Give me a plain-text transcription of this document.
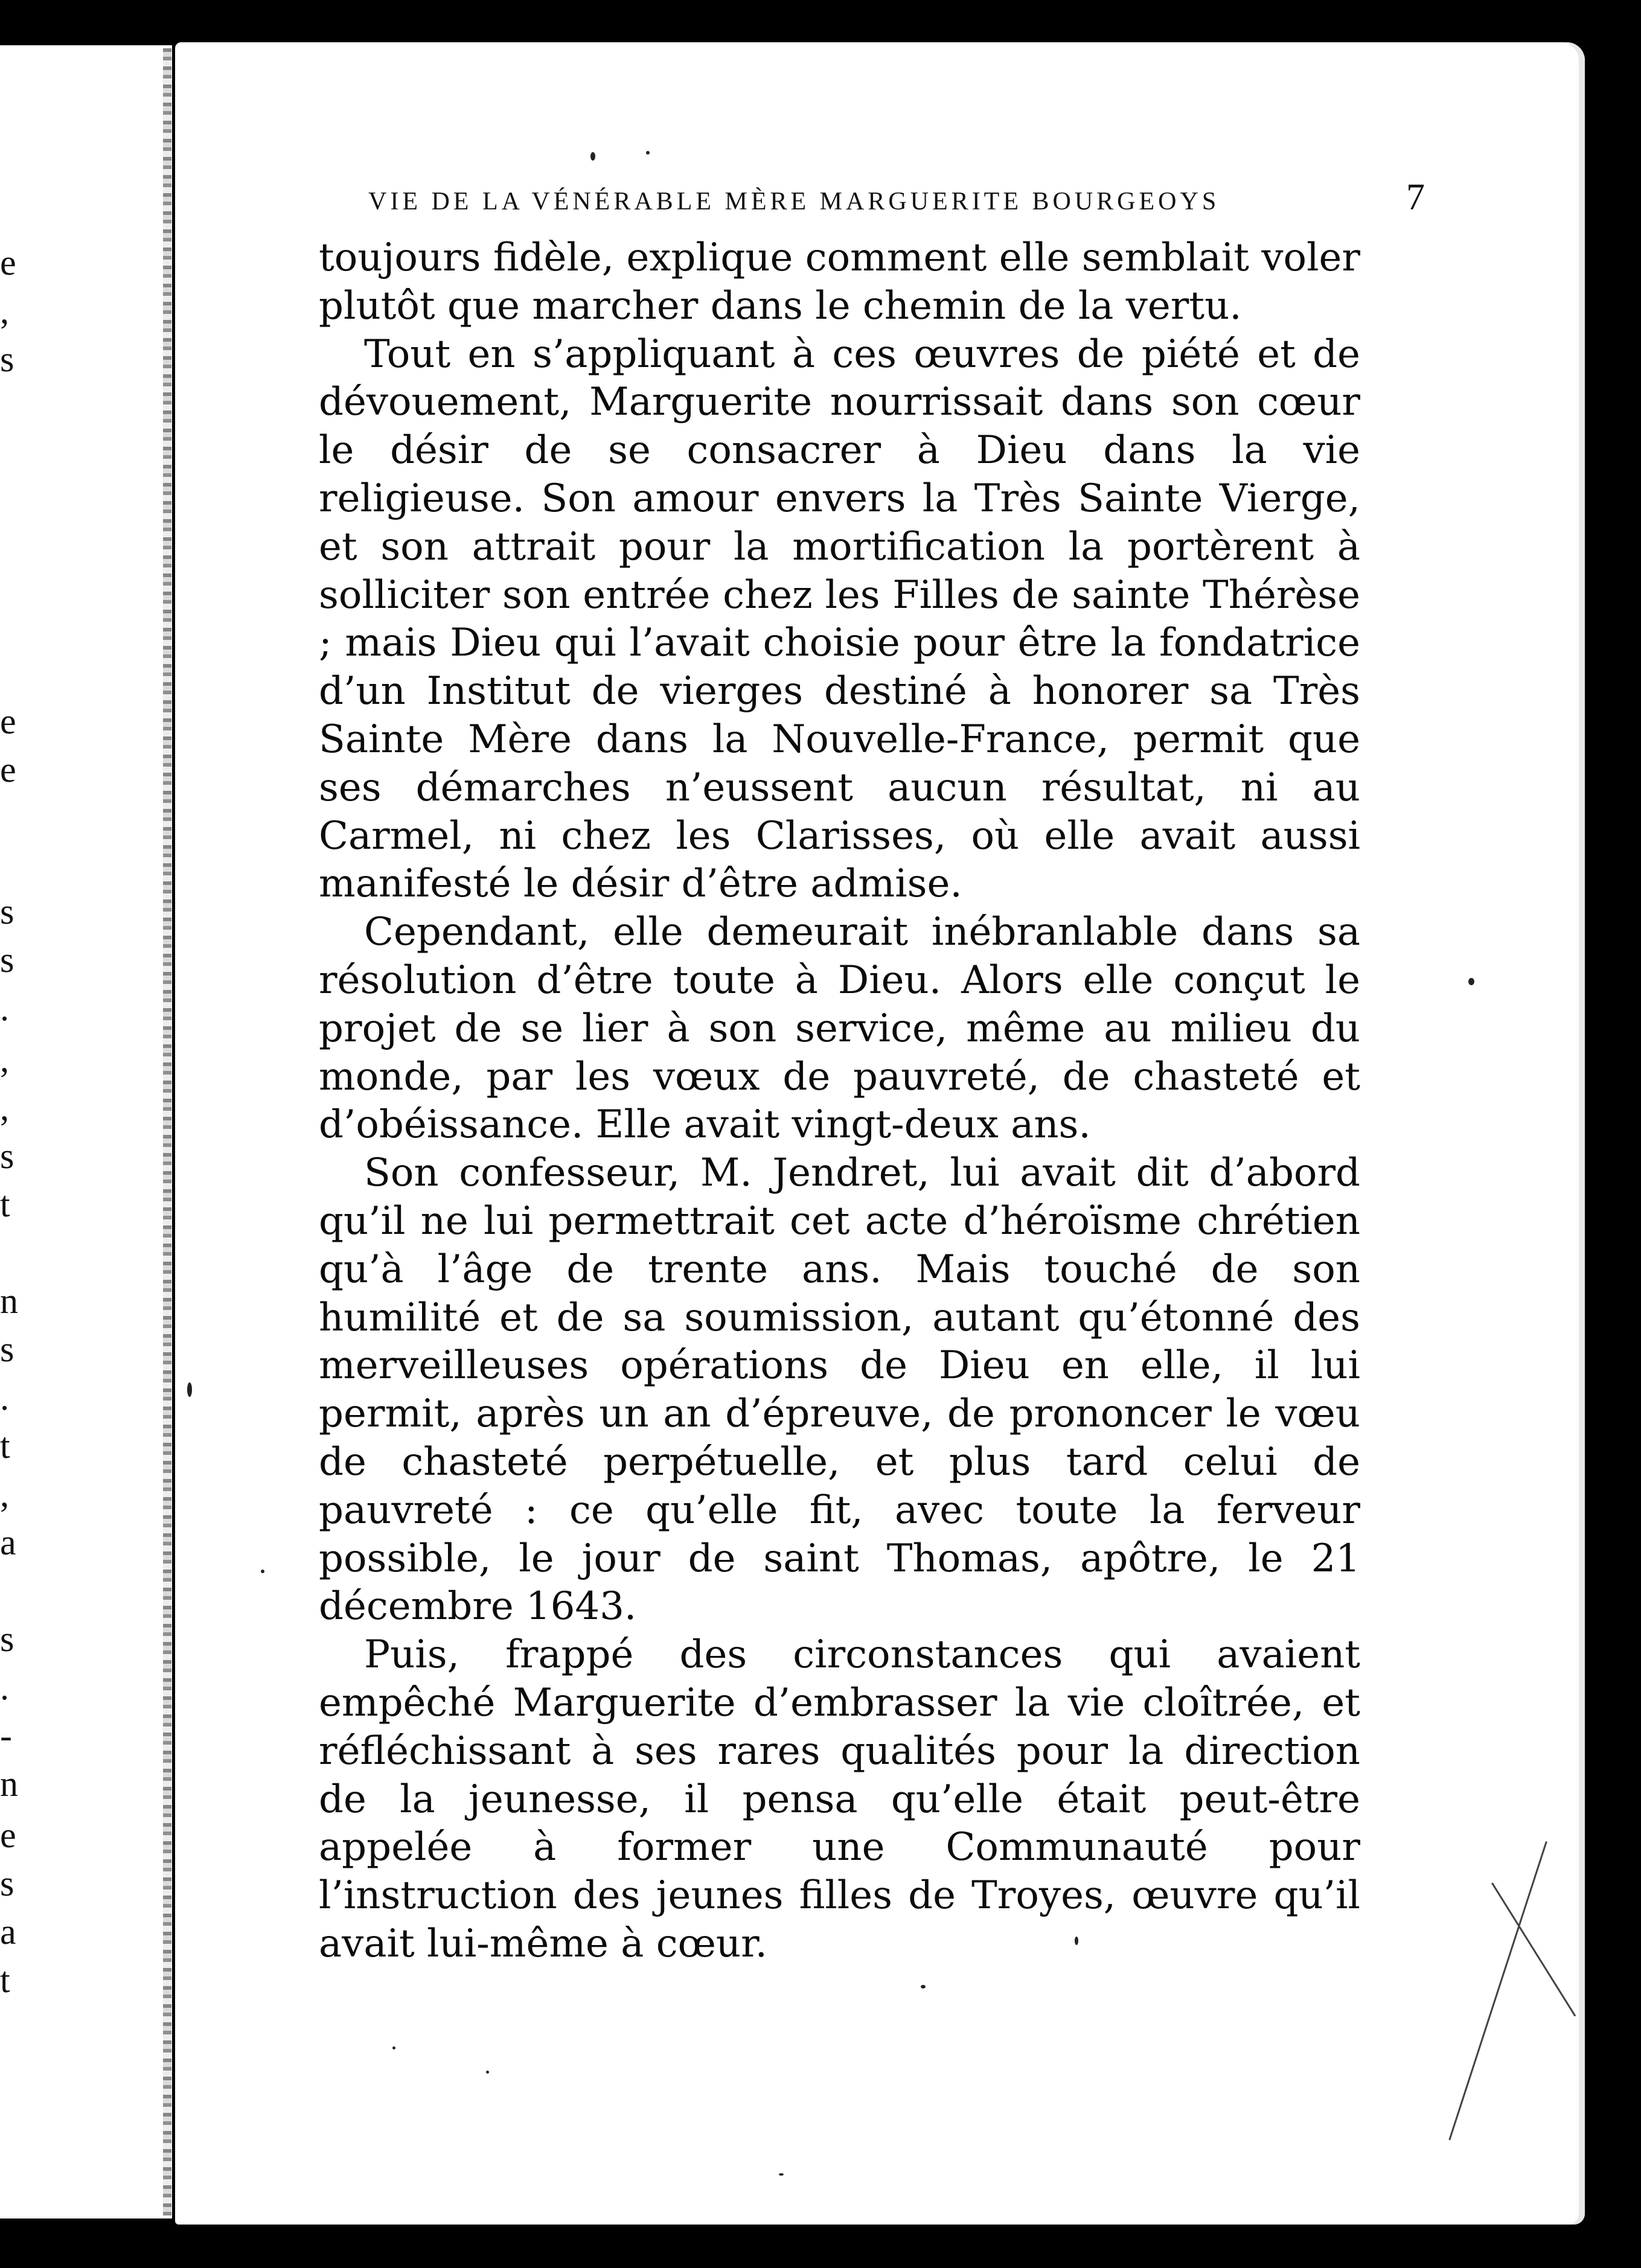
e
,
s
e
e
s
s
.
,
,
s
t
n
s
.
t
,
a
s
.
-
n
e
s
a
t
VIE DE LA VÉNÉRABLE MÈRE MARGUERITE BOURGEOYS	7

toujours fidèle, explique comment elle semblait voler plutôt que marcher dans le chemin de la vertu.

Tout en s’appliquant à ces œuvres de piété et de dévouement, Marguerite nourrissait dans son cœur le désir de se consacrer à Dieu dans la vie religieuse. Son amour envers la Très Sainte Vierge, et son attrait pour la mortification la portèrent à solliciter son entrée chez les Filles de sainte Thérèse ; mais Dieu qui l’avait choisie pour être la fondatrice d’un Institut de vierges destiné à honorer sa Très Sainte Mère dans la Nouvelle-France, permit que ses démarches n’eussent aucun résultat, ni au Carmel, ni chez les Clarisses, où elle avait aussi manifesté le désir d’être admise.

Cependant, elle demeurait inébranlable dans sa résolution d’être toute à Dieu. Alors elle conçut le projet de se lier à son service, même au milieu du monde, par les vœux de pauvreté, de chasteté et d’obéissance. Elle avait vingt-deux ans.

Son confesseur, M. Jendret, lui avait dit d’abord qu’il ne lui permettrait cet acte d’héroïsme chrétien qu’à l’âge de trente ans. Mais touché de son humilité et de sa soumission, autant qu’étonné des merveilleuses opérations de Dieu en elle, il lui permit, après un an d’épreuve, de prononcer le vœu de chasteté perpétuelle, et plus tard celui de pauvreté : ce qu’elle fit, avec toute la ferveur possible, le jour de saint Thomas, apôtre, le 21 décembre 1643.

Puis, frappé des circonstances qui avaient empêché Marguerite d’embrasser la vie cloîtrée, et réfléchissant à ses rares qualités pour la direction de la jeunesse, il pensa qu’elle était peut-être appelée à former une Communauté pour l’instruction des jeunes filles de Troyes, œuvre qu’il avait lui-même à cœur.
